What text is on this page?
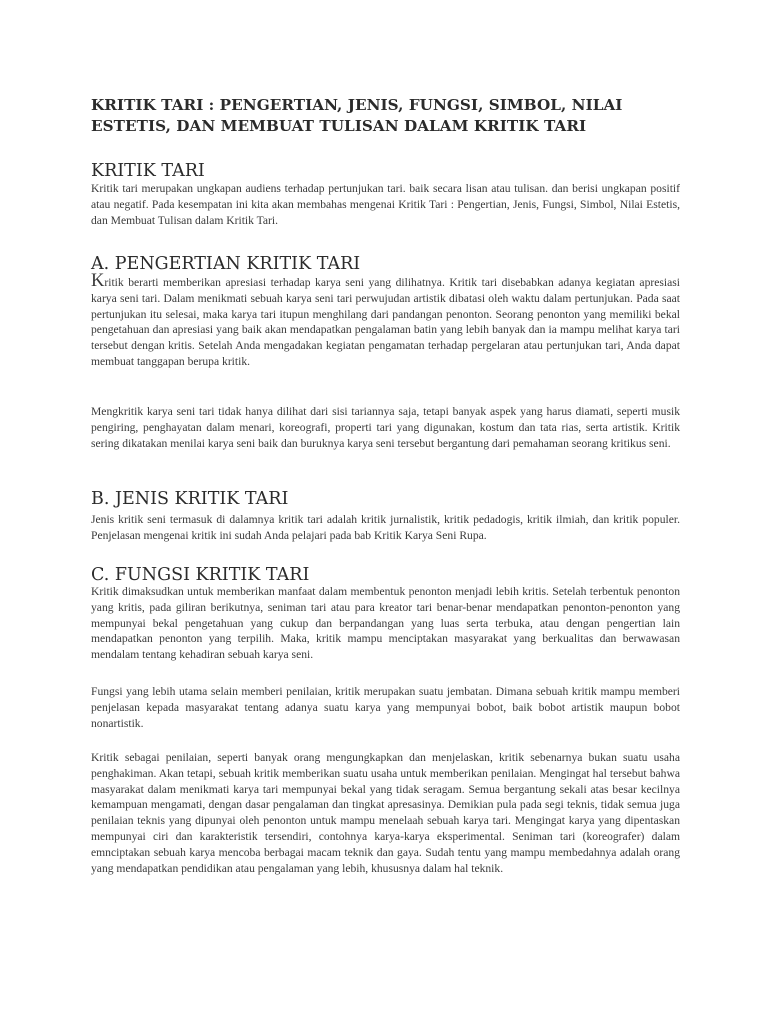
KRITIK TARI : PENGERTIAN, JENIS, FUNGSI, SIMBOL, NILAI ESTETIS, DAN MEMBUAT TULISAN DALAM KRITIK TARI
KRITIK TARI

Kritik tari merupakan ungkapan audiens terhadap pertunjukan tari. baik secara lisan atau tulisan. dan berisi ungkapan positif atau negatif. Pada kesempatan ini kita akan membahas mengenai Kritik Tari : Pengertian, Jenis, Fungsi, Simbol, Nilai Estetis, dan Membuat Tulisan dalam Kritik Tari.

A. PENGERTIAN KRITIK TARI

Kritik berarti memberikan apresiasi terhadap karya seni yang dilihatnya. Kritik tari disebabkan adanya kegiatan apresiasi karya seni tari. Dalam menikmati sebuah karya seni tari perwujudan artistik dibatasi oleh waktu dalam pertunjukan. Pada saat pertunjukan itu selesai, maka karya tari itupun menghilang dari pandangan penonton. Seorang penonton yang memiliki bekal pengetahuan dan apresiasi yang baik akan mendapatkan pengalaman batin yang lebih banyak dan ia mampu melihat karya tari tersebut dengan kritis. Setelah Anda mengadakan kegiatan pengamatan terhadap pergelaran atau pertunjukan tari, Anda dapat membuat tanggapan berupa kritik.

Mengkritik karya seni tari tidak hanya dilihat dari sisi tariannya saja, tetapi banyak aspek yang harus diamati, seperti musik pengiring, penghayatan dalam menari, koreografi, properti tari yang digunakan, kostum dan tata rias, serta artistik. Kritik sering dikatakan menilai karya seni baik dan buruknya karya seni tersebut bergantung dari pemahaman seorang kritikus seni.

B. JENIS KRITIK TARI

Jenis kritik seni termasuk di dalamnya kritik tari adalah kritik jurnalistik, kritik pedadogis, kritik ilmiah, dan kritik populer. Penjelasan mengenai kritik ini sudah Anda pelajari pada bab Kritik Karya Seni Rupa.

C. FUNGSI KRITIK TARI

Kritik dimaksudkan untuk memberikan manfaat dalam membentuk penonton menjadi lebih kritis. Setelah terbentuk penonton yang kritis, pada giliran berikutnya, seniman tari atau para kreator tari benar-benar mendapatkan penonton-penonton yang mempunyai bekal pengetahuan yang cukup dan berpandangan yang luas serta terbuka, atau dengan pengertian lain mendapatkan penonton yang terpilih. Maka, kritik mampu menciptakan masyarakat yang berkualitas dan berwawasan mendalam tentang kehadiran sebuah karya seni.

Fungsi yang lebih utama selain memberi penilaian, kritik merupakan suatu jembatan. Dimana sebuah kritik mampu memberi penjelasan kepada masyarakat tentang adanya suatu karya yang mempunyai bobot, baik bobot artistik maupun bobot nonartistik.

Kritik sebagai penilaian, seperti banyak orang mengungkapkan dan menjelaskan, kritik sebenarnya bukan suatu usaha penghakiman. Akan tetapi, sebuah kritik memberikan suatu usaha untuk memberikan penilaian. Mengingat hal tersebut bahwa masyarakat dalam menikmati karya tari mempunyai bekal yang tidak seragam. Semua bergantung sekali atas besar kecilnya kemampuan mengamati, dengan dasar pengalaman dan tingkat apresasinya. Demikian pula pada segi teknis, tidak semua juga penilaian teknis yang dipunyai oleh penonton untuk mampu menelaah sebuah karya tari. Mengingat karya yang dipentaskan mempunyai ciri dan karakteristik tersendiri, contohnya karya-karya eksperimental. Seniman tari (koreografer) dalam emnciptakan sebuah karya mencoba berbagai macam teknik dan gaya. Sudah tentu yang mampu membedahnya adalah orang yang mendapatkan pendidikan atau pengalaman yang lebih, khususnya dalam hal teknik.
